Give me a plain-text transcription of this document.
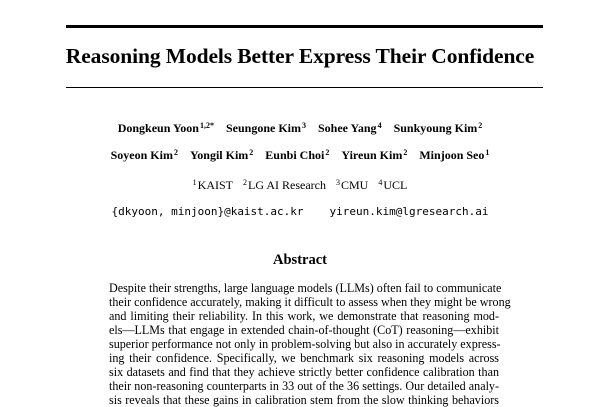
Reasoning Models Better Express Their Confidence
Dongkeun Yoon$^{1,2*}$ Seungone Kim$^3$ Sohee Yang$^4$ Sunkyoung Kim$^2$
Soyeon Kim$^2$ Yongil Kim$^2$ Eunbi Choi$^2$ Yireun Kim$^2$ Minjoon Seo$^1$
$^1$KAIST $^2$LG AI Research $^3$CMU $^4$UCL
{dkyoon, minjoon}@kaist.ac.kr yireun.kim@lgresearch.ai
Abstract
Despite their strengths, large language models (LLMs) often fail to communicate
their confidence accurately, making it difficult to assess when they might be wrong
and limiting their reliability. In this work, we demonstrate that reasoning mod-
els—LLMs that engage in extended chain-of-thought (CoT) reasoning—exhibit
superior performance not only in problem-solving but also in accurately express-
ing their confidence. Specifically, we benchmark six reasoning models across
six datasets and find that they achieve strictly better confidence calibration than
their non-reasoning counterparts in 33 out of the 36 settings. Our detailed analy-
sis reveals that these gains in calibration stem from the slow thinking behaviors
